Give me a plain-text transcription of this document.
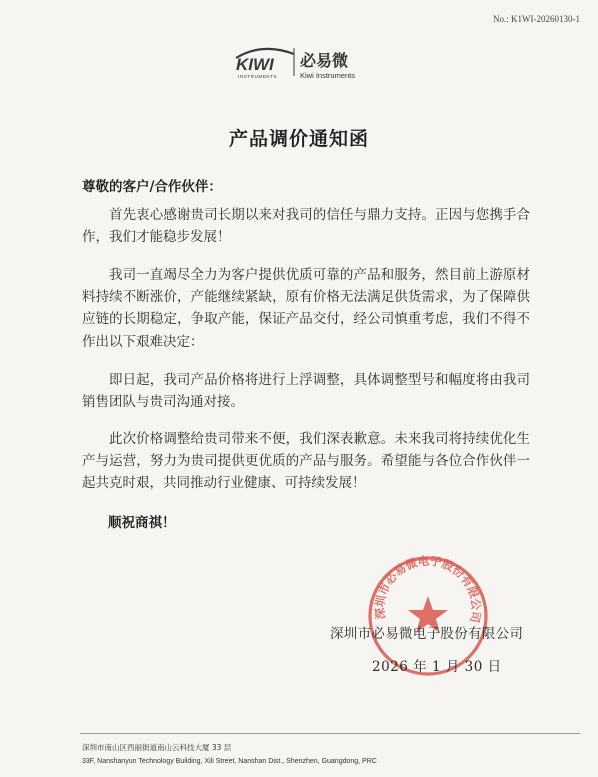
No.: K1WI-20260130-1
KIWI
INSTRUMENTS
必易微
Kiwi Instruments
产品调价通知函
尊敬的客户/合作伙伴：

首先衷心感谢贵司长期以来对我司的信任与鼎力支持。正因与您携手合作，我们才能稳步发展！

我司一直竭尽全力为客户提供优质可靠的产品和服务，然目前上游原材料持续不断涨价，产能继续紧缺，原有价格无法满足供货需求，为了保障供应链的长期稳定，争取产能，保证产品交付，经公司慎重考虑，我们不得不作出以下艰难决定：

即日起，我司产品价格将进行上浮调整，具体调整型号和幅度将由我司销售团队与贵司沟通对接。

此次价格调整给贵司带来不便，我们深表歉意。未来我司将持续优化生产与运营，努力为贵司提供更优质的产品与服务。希望能与各位合作伙伴一起共克时艰，共同推动行业健康、可持续发展！

顺祝商祺！
深圳市必易微电子股份有限公司
深圳市必易微电子股份有限公司
2026 年 1 月 30 日
深圳市南山区西丽街道南山云科技大厦 33 层
33F, Nanshanyun Technology Building, Xili Street, Nanshan Dist., Shenzhen, Guangdong, PRC
